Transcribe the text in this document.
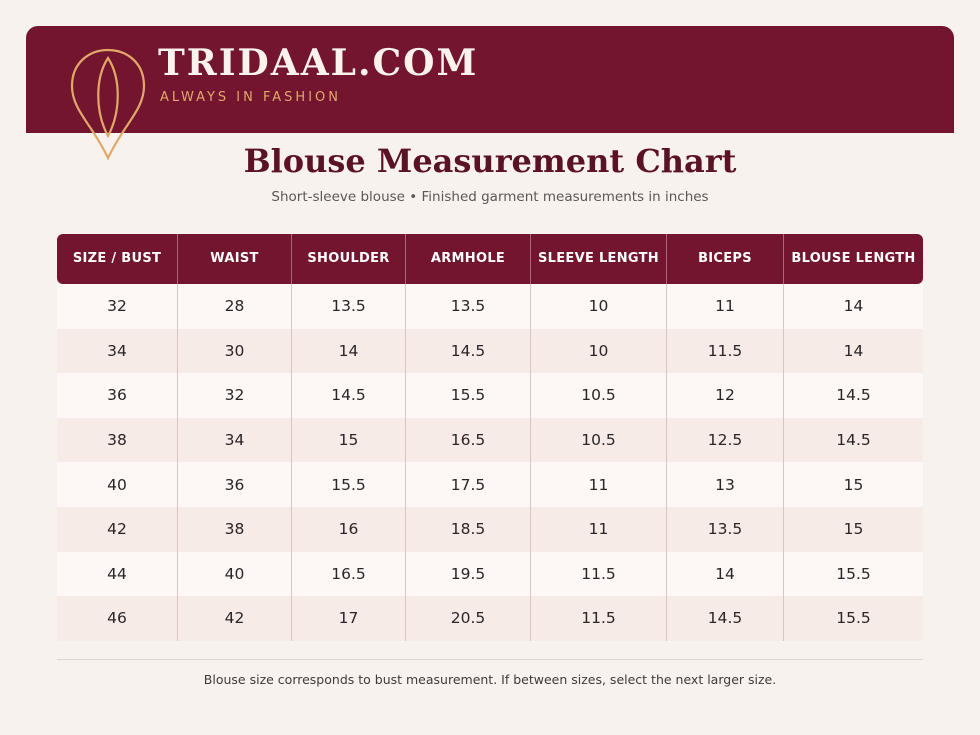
TRIDAAL.COM
ALWAYS IN FASHION
Blouse Measurement Chart
Short-sleeve blouse • Finished garment measurements in inches
SIZE / BUST	WAIST	SHOULDER	ARMHOLE	SLEEVE LENGTH	BICEPS	BLOUSE LENGTH
32	28	13.5	13.5	10	11	14
34	30	14	14.5	10	11.5	14
36	32	14.5	15.5	10.5	12	14.5
38	34	15	16.5	10.5	12.5	14.5
40	36	15.5	17.5	11	13	15
42	38	16	18.5	11	13.5	15
44	40	16.5	19.5	11.5	14	15.5
46	42	17	20.5	11.5	14.5	15.5
Blouse size corresponds to bust measurement. If between sizes, select the next larger size.
